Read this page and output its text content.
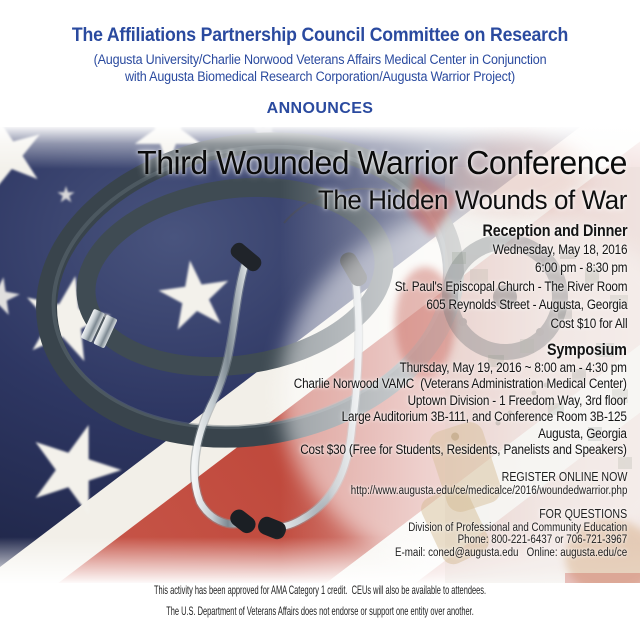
The Affiliations Partnership Council Committee on Research
(Augusta University/Charlie Norwood Veterans Affairs Medical Center in Conjunction
with Augusta Biomedical Research Corporation/Augusta Warrior Project)
ANNOUNCES
Third Wounded Warrior Conference
The Hidden Wounds of War
Reception and Dinner
Wednesday, May 18, 2016
6:00 pm - 8:30 pm
St. Paul's Episcopal Church - The River Room
605 Reynolds Street - Augusta, Georgia
Cost $10 for All
Symposium
Thursday, May 19, 2016 ~ 8:00 am - 4:30 pm
Charlie Norwood VAMC  (Veterans Administration Medical Center)
Uptown Division - 1 Freedom Way, 3rd floor
Large Auditorium 3B-111, and Conference Room 3B-125
Augusta, Georgia
Cost $30 (Free for Students, Residents, Panelists and Speakers)
REGISTER ONLINE NOW
http://www.augusta.edu/ce/medicalce/2016/woundedwarrior.php
FOR QUESTIONS
Division of Professional and Community Education
Phone: 800-221-6437 or 706-721-3967
E-mail: coned@augusta.edu   Online: augusta.edu/ce
This activity has been approved for AMA Category 1 credit.  CEUs will also be available to attendees.
The U.S. Department of Veterans Affairs does not endorse or support one entity over another.
